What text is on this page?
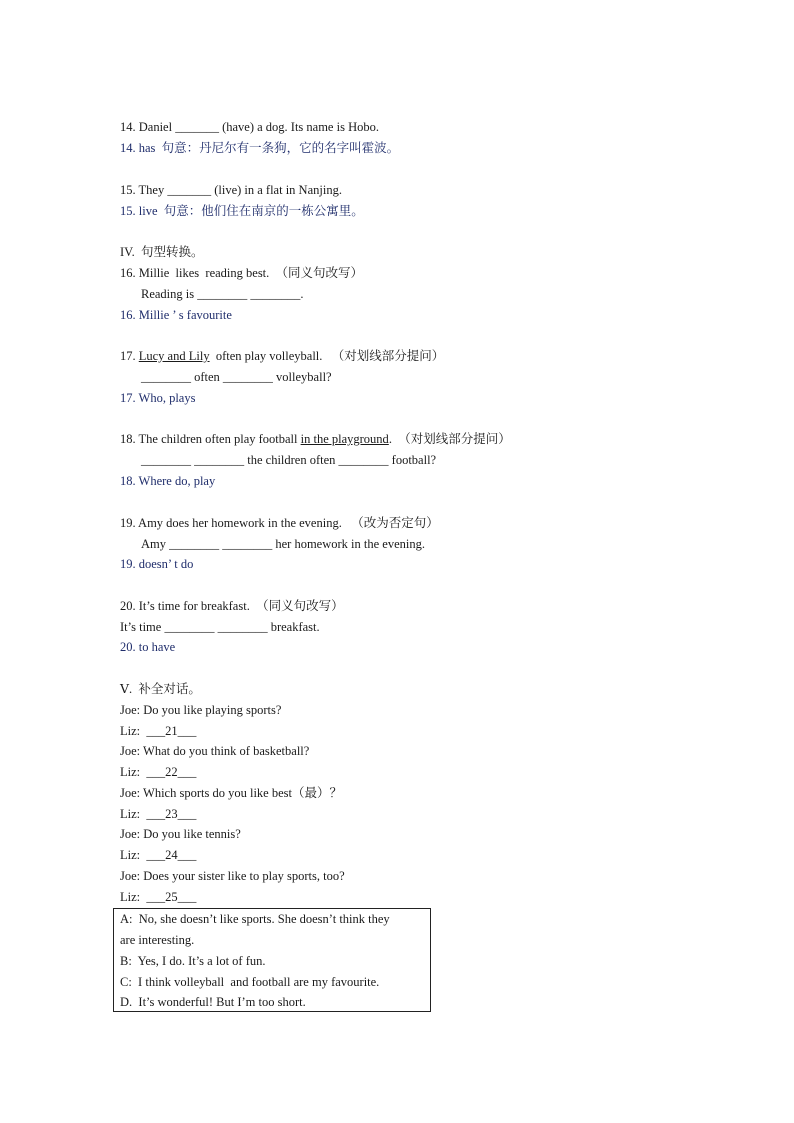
14. Daniel _______ (have) a dog. Its name is Hobo.
14. has  句意：丹尼尔有一条狗，它的名字叫霍波。
15. They _______ (live) in a flat in Nanjing.
15. live  句意：他们住在南京的一栋公寓里。
IV.  句型转换。
16. Millie  likes  reading best.  （同义句改写）
Reading is ________ ________.
16. Millie ’ s favourite
17. Lucy and Lily  often play volleyball.   （对划线部分提问）
________ often ________ volleyball?
17. Who, plays
18. The children often play football in the playground.  （对划线部分提问）
________ ________ the children often ________ football?
18. Where do, play
19. Amy does her homework in the evening.   （改为否定句）
Amy ________ ________ her homework in the evening.
19. doesn’ t do
20. It’s time for breakfast.  （同义句改写）
It’s time ________ ________ breakfast.
20. to have
Ⅴ.  补全对话。
Joe: Do you like playing sports?
Liz:  ___21___
Joe: What do you think of basketball?
Liz:  ___22___
Joe: Which sports do you like best（最）？
Liz:  ___23___
Joe: Do you like tennis?
Liz:  ___24___
Joe: Does your sister like to play sports, too?
Liz:  ___25___
A:  No, she doesn’t like sports. She doesn’t think they
are interesting.
B:  Yes, I do. It’s a lot of fun.
C:  I think volleyball  and football are my favourite.
D.  It’s wonderful! But I’m too short.
